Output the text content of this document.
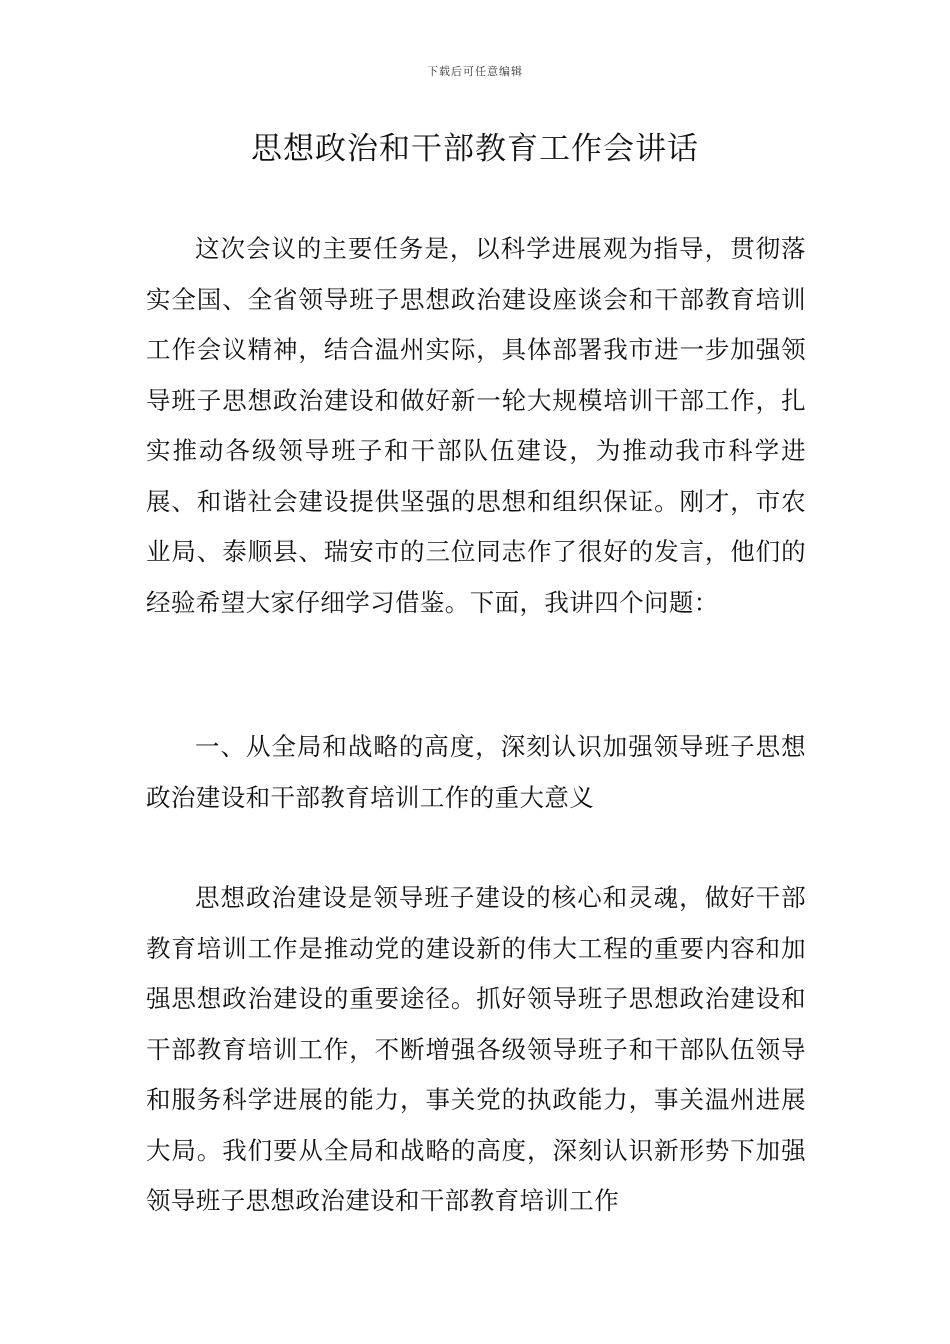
下载后可任意编辑
思想政治和干部教育工作会讲话

这次会议的主要任务是，以科学进展观为指导，贯彻落实全国、全省领导班子思想政治建设座谈会和干部教育培训工作会议精神，结合温州实际，具体部署我市进一步加强领导班子思想政治建设和做好新一轮大规模培训干部工作，扎实推动各级领导班子和干部队伍建设，为推动我市科学进展、和谐社会建设提供坚强的思想和组织保证。刚才，市农业局、泰顺县、瑞安市的三位同志作了很好的发言，他们的经验希望大家仔细学习借鉴。下面，我讲四个问题：

一、从全局和战略的高度，深刻认识加强领导班子思想政治建设和干部教育培训工作的重大意义

思想政治建设是领导班子建设的核心和灵魂，做好干部教育培训工作是推动党的建设新的伟大工程的重要内容和加强思想政治建设的重要途径。抓好领导班子思想政治建设和干部教育培训工作，不断增强各级领导班子和干部队伍领导和服务科学进展的能力，事关党的执政能力，事关温州进展大局。我们要从全局和战略的高度，深刻认识新形势下加强领导班子思想政治建设和干部教育培训工作
